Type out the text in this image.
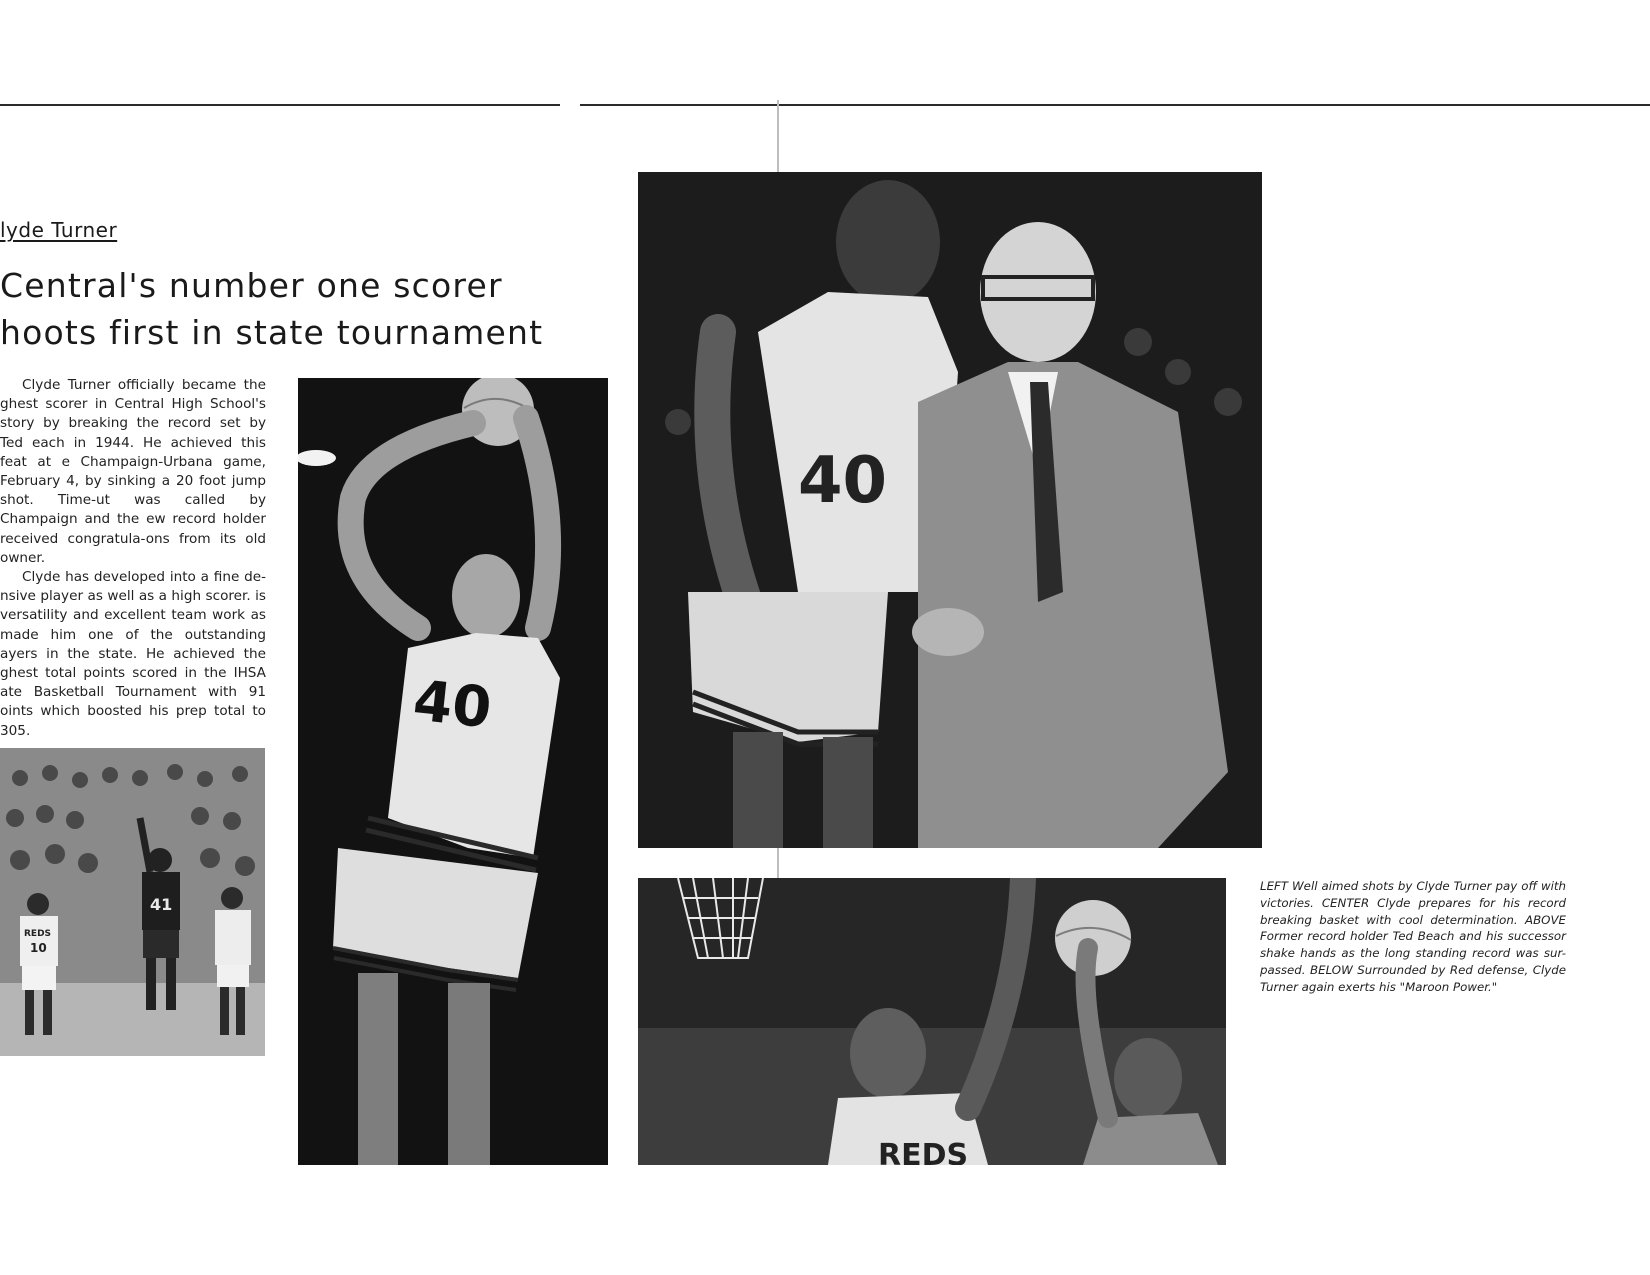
lyde Turner
Central's number one scorer
hoots first in state tournament

Clyde Turner officially became the ghest scorer in Central High School's story by breaking the record set by Ted each in 1944. He achieved this feat at e Champaign-Urbana game, February 4, by sinking a 20 foot jump shot. Time-ut was called by Champaign and the ew record holder received congratula-ons from its old owner.

Clyde has developed into a fine de-nsive player as well as a high scorer. is versatility and excellent team work as made him one of the outstanding ayers in the state. He achieved the ghest total points scored in the IHSA ate Basketball Tournament with 91 oints which boosted his prep total to 305.

41
REDS
10
40
40
REDS
LEFT Well aimed shots by Clyde Turner pay off with victories. CENTER Clyde prepares for his record breaking basket with cool determination. ABOVE Former record holder Ted Beach and his successor shake hands as the long standing record was sur-passed. BELOW Surrounded by Red defense, Clyde Turner again exerts his "Maroon Power."
